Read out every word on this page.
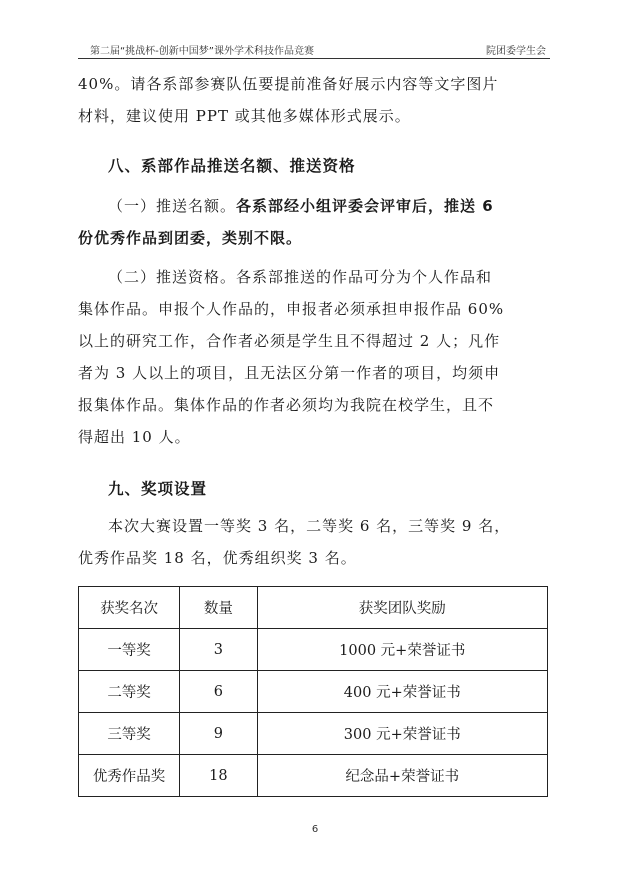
第二届“挑战杯-创新中国梦”课外学术科技作品竞赛	院团委学生会

40%。请各系部参赛队伍要提前准备好展示内容等文字图片

材料，建议使用 PPT 或其他多媒体形式展示。

八、系部作品推送名额、推送资格

（一）推送名额。各系部经小组评委会评审后，推送 6

份优秀作品到团委，类别不限。

（二）推送资格。各系部推送的作品可分为个人作品和

集体作品。申报个人作品的，申报者必须承担申报作品 60%

以上的研究工作，合作者必须是学生且不得超过 2 人；凡作

者为 3 人以上的项目，且无法区分第一作者的项目，均须申

报集体作品。集体作品的作者必须均为我院在校学生，且不

得超出 10 人。

九、奖项设置

本次大赛设置一等奖 3 名，二等奖 6 名，三等奖 9 名，

优秀作品奖 18 名，优秀组织奖 3 名。

获奖名次	数量	获奖团队奖励
一等奖	3	1000 元+荣誉证书
二等奖	6	400 元+荣誉证书
三等奖	9	300 元+荣誉证书
优秀作品奖	18	纪念品+荣誉证书
6
